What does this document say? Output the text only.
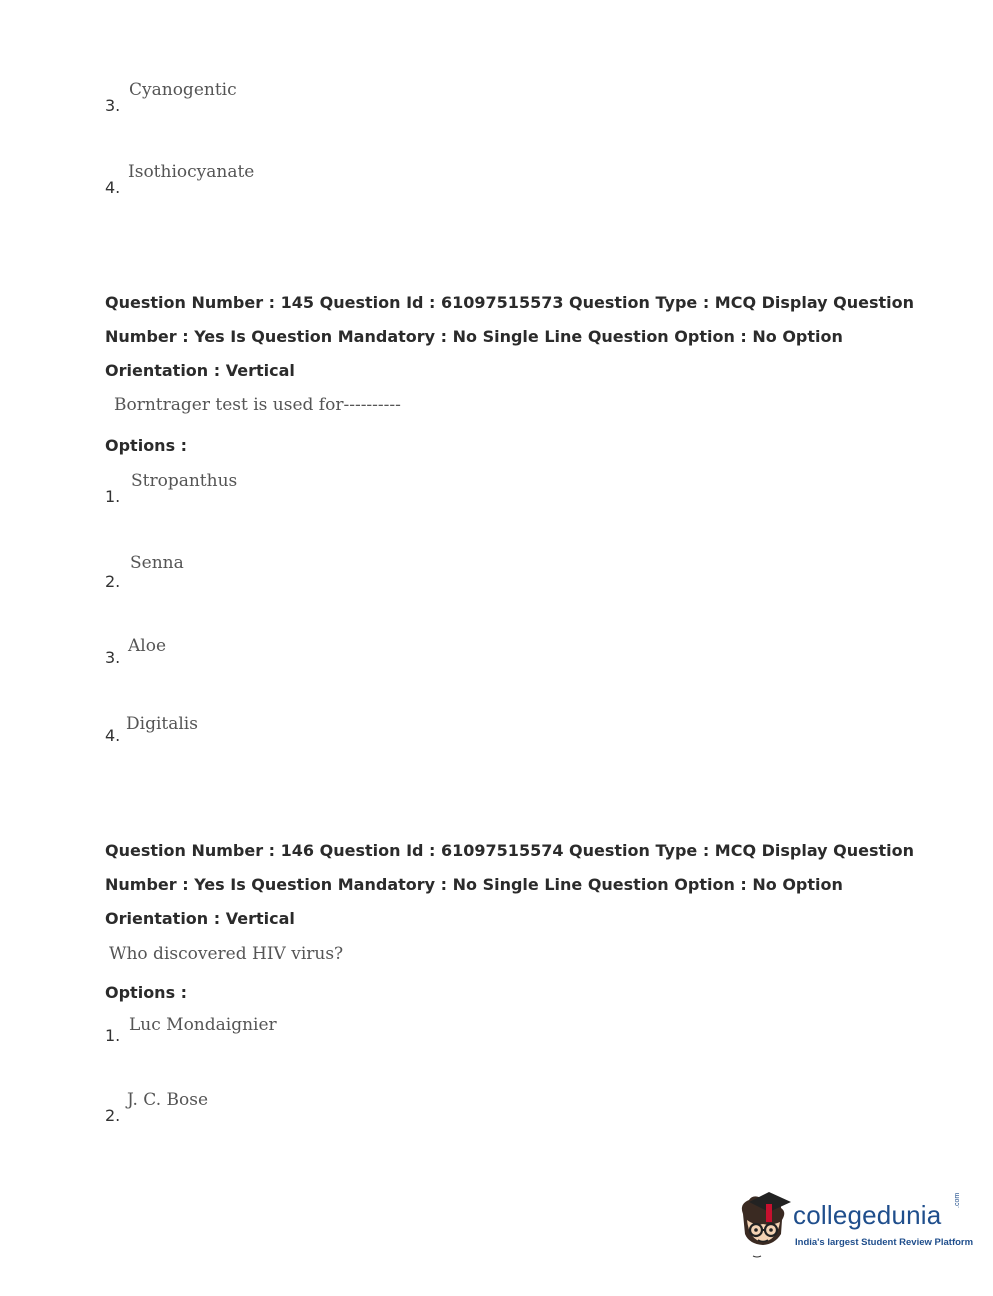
3.
Cyanogentic
4.
Isothiocyanate
Question Number : 145 Question Id : 61097515573 Question Type : MCQ Display Question
Number : Yes Is Question Mandatory : No Single Line Question Option : No Option
Orientation : Vertical
Borntrager test is used for----------
Options :
1.
Stropanthus
2.
Senna
3.
Aloe
4.
Digitalis
Question Number : 146 Question Id : 61097515574 Question Type : MCQ Display Question
Number : Yes Is Question Mandatory : No Single Line Question Option : No Option
Orientation : Vertical
Who discovered HIV virus?
Options :
1.
Luc Mondaignier
2.
J. C. Bose
collegedunia .com
India's largest Student Review Platform
